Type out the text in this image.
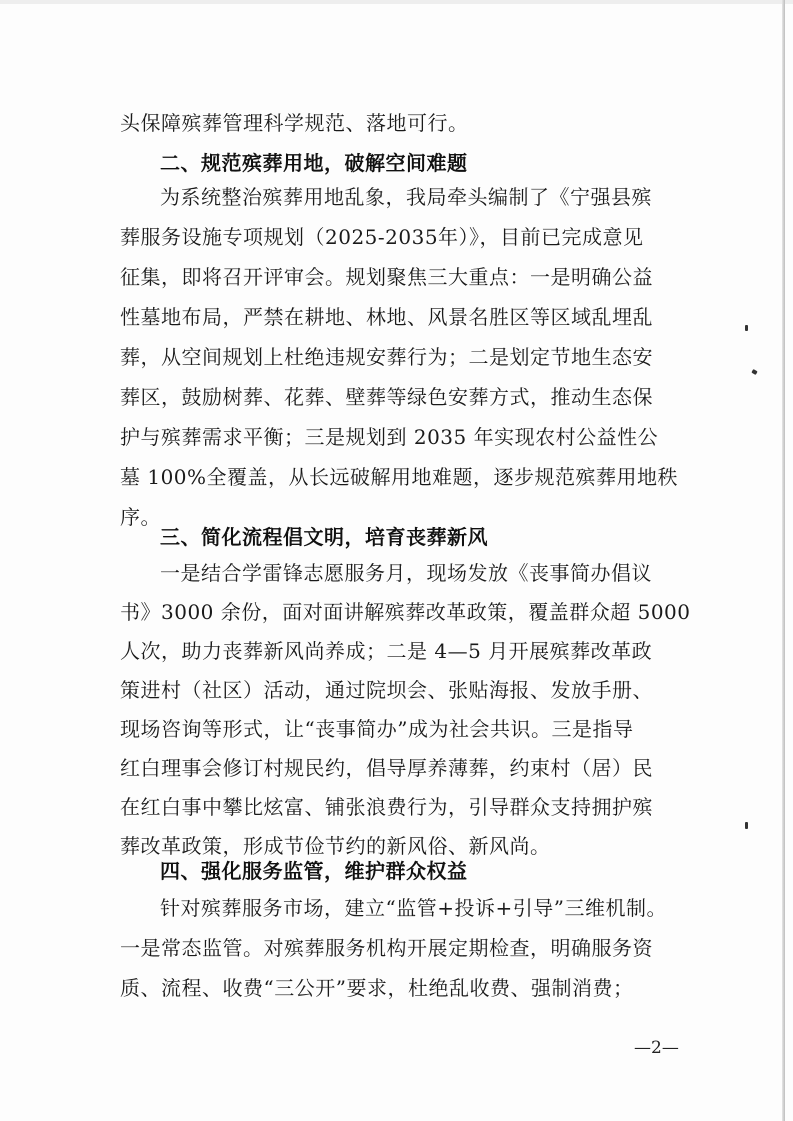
头保障殡葬管理科学规范、落地可行。
二、规范殡葬用地，破解空间难题
为系统整治殡葬用地乱象，我局牵头编制了《宁强县殡
葬服务设施专项规划（2025-2035年）》，目前已完成意见
征集，即将召开评审会。规划聚焦三大重点：一是明确公益
性墓地布局，严禁在耕地、林地、风景名胜区等区域乱埋乱
葬，从空间规划上杜绝违规安葬行为；二是划定节地生态安
葬区，鼓励树葬、花葬、壁葬等绿色安葬方式，推动生态保
护与殡葬需求平衡；三是规划到 2035 年实现农村公益性公
墓 100%全覆盖，从长远破解用地难题，逐步规范殡葬用地秩
序。
三、简化流程倡文明，培育丧葬新风
一是结合学雷锋志愿服务月，现场发放《丧事简办倡议
书》3000 余份，面对面讲解殡葬改革政策，覆盖群众超 5000
人次，助力丧葬新风尚养成；二是 4—5 月开展殡葬改革政
策进村（社区）活动，通过院坝会、张贴海报、发放手册、
现场咨询等形式，让“丧事简办”成为社会共识。三是指导
红白理事会修订村规民约，倡导厚养薄葬，约束村（居）民
在红白事中攀比炫富、铺张浪费行为，引导群众支持拥护殡
葬改革政策，形成节俭节约的新风俗、新风尚。
四、强化服务监管，维护群众权益
针对殡葬服务市场，建立“监管+投诉+引导”三维机制。
一是常态监管。对殡葬服务机构开展定期检查，明确服务资
质、流程、收费“三公开”要求，杜绝乱收费、强制消费；
—2—
